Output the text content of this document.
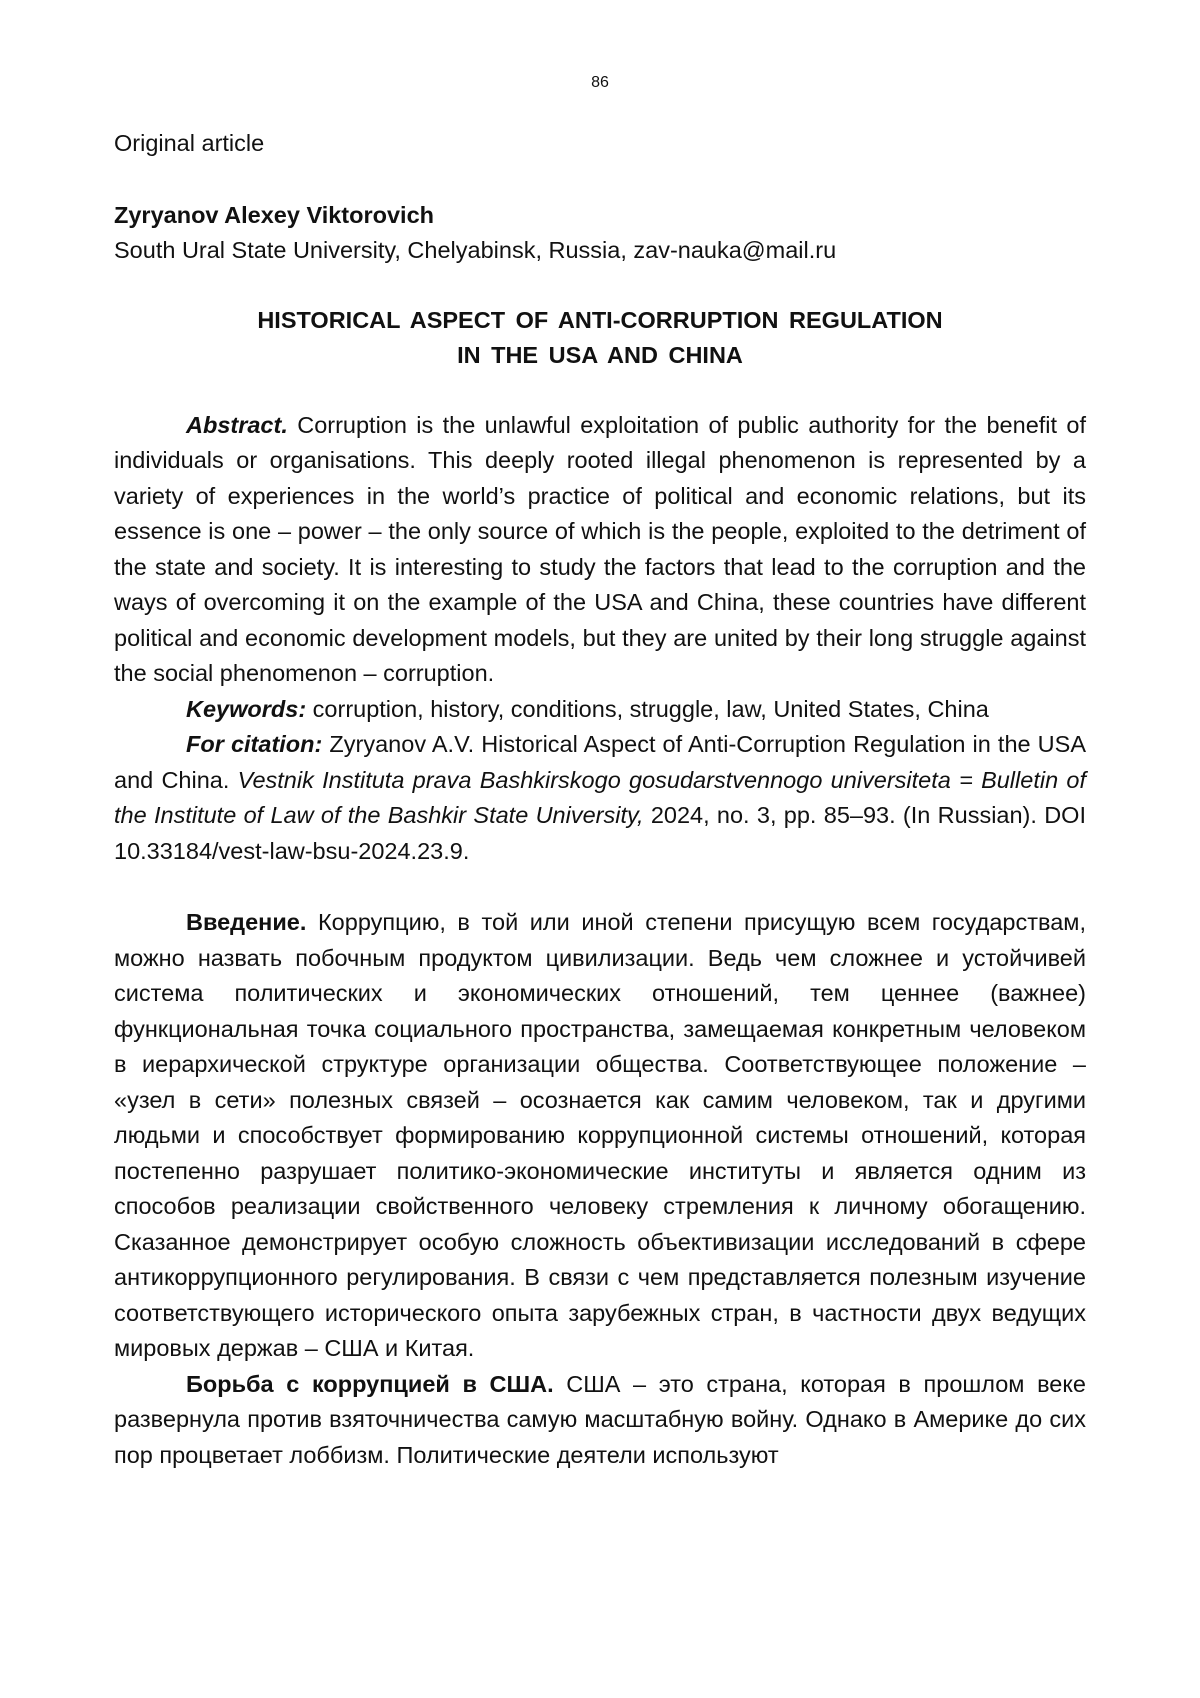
86

Original article

Zyryanov Alexey Viktorovich

South Ural State University, Chelyabinsk, Russia, zav-nauka@mail.ru

HISTORICAL ASPECT OF ANTI-CORRUPTION REGULATION
IN THE USA AND CHINA

Abstract. Corruption is the unlawful exploitation of public authority for the benefit of individuals or organisations. This deeply rooted illegal phenomenon is represented by a variety of experiences in the world’s practice of political and economic relations, but its essence is one – power – the only source of which is the people, exploited to the detriment of the state and society. It is interesting to study the factors that lead to the corruption and the ways of overcoming it on the example of the USA and China, these countries have different political and economic development models, but they are united by their long struggle against the social phenomenon – corruption.

Keywords: corruption, history, conditions, struggle, law, United States, China

For citation: Zyryanov A.V. Historical Aspect of Anti-Corruption Regulation in the USA and China. Vestnik Instituta prava Bashkirskogo gosudarstvennogo universiteta = Bulletin of the Institute of Law of the Bashkir State University, 2024, no. 3, pp. 85–93. (In Russian). DOI 10.33184/vest-law-bsu-2024.23.9.

Введение. Коррупцию, в той или иной степени присущую всем государствам, можно назвать побочным продуктом цивилизации. Ведь чем сложнее и устойчивей система политических и экономических отношений, тем ценнее (важнее) функциональная точка социального пространства, замещаемая конкретным человеком в иерархической структуре организации общества. Соответствующее положение – «узел в сети» полезных связей – осознается как самим человеком, так и другими людьми и способствует формированию коррупционной системы отношений, которая постепенно разрушает политико-экономические институты и является одним из способов реализации свойственного человеку стремления к личному обогащению. Сказанное демонстрирует особую сложность объективизации исследований в сфере антикоррупционного регулирования. В связи с чем представляется полезным изучение соответствующего исторического опыта зарубежных стран, в частности двух ведущих мировых держав – США и Китая.

Борьба с коррупцией в США. США – это страна, которая в прошлом веке развернула против взяточничества самую масштабную войну. Однако в Америке до сих пор процветает лоббизм. Политические деятели используют
